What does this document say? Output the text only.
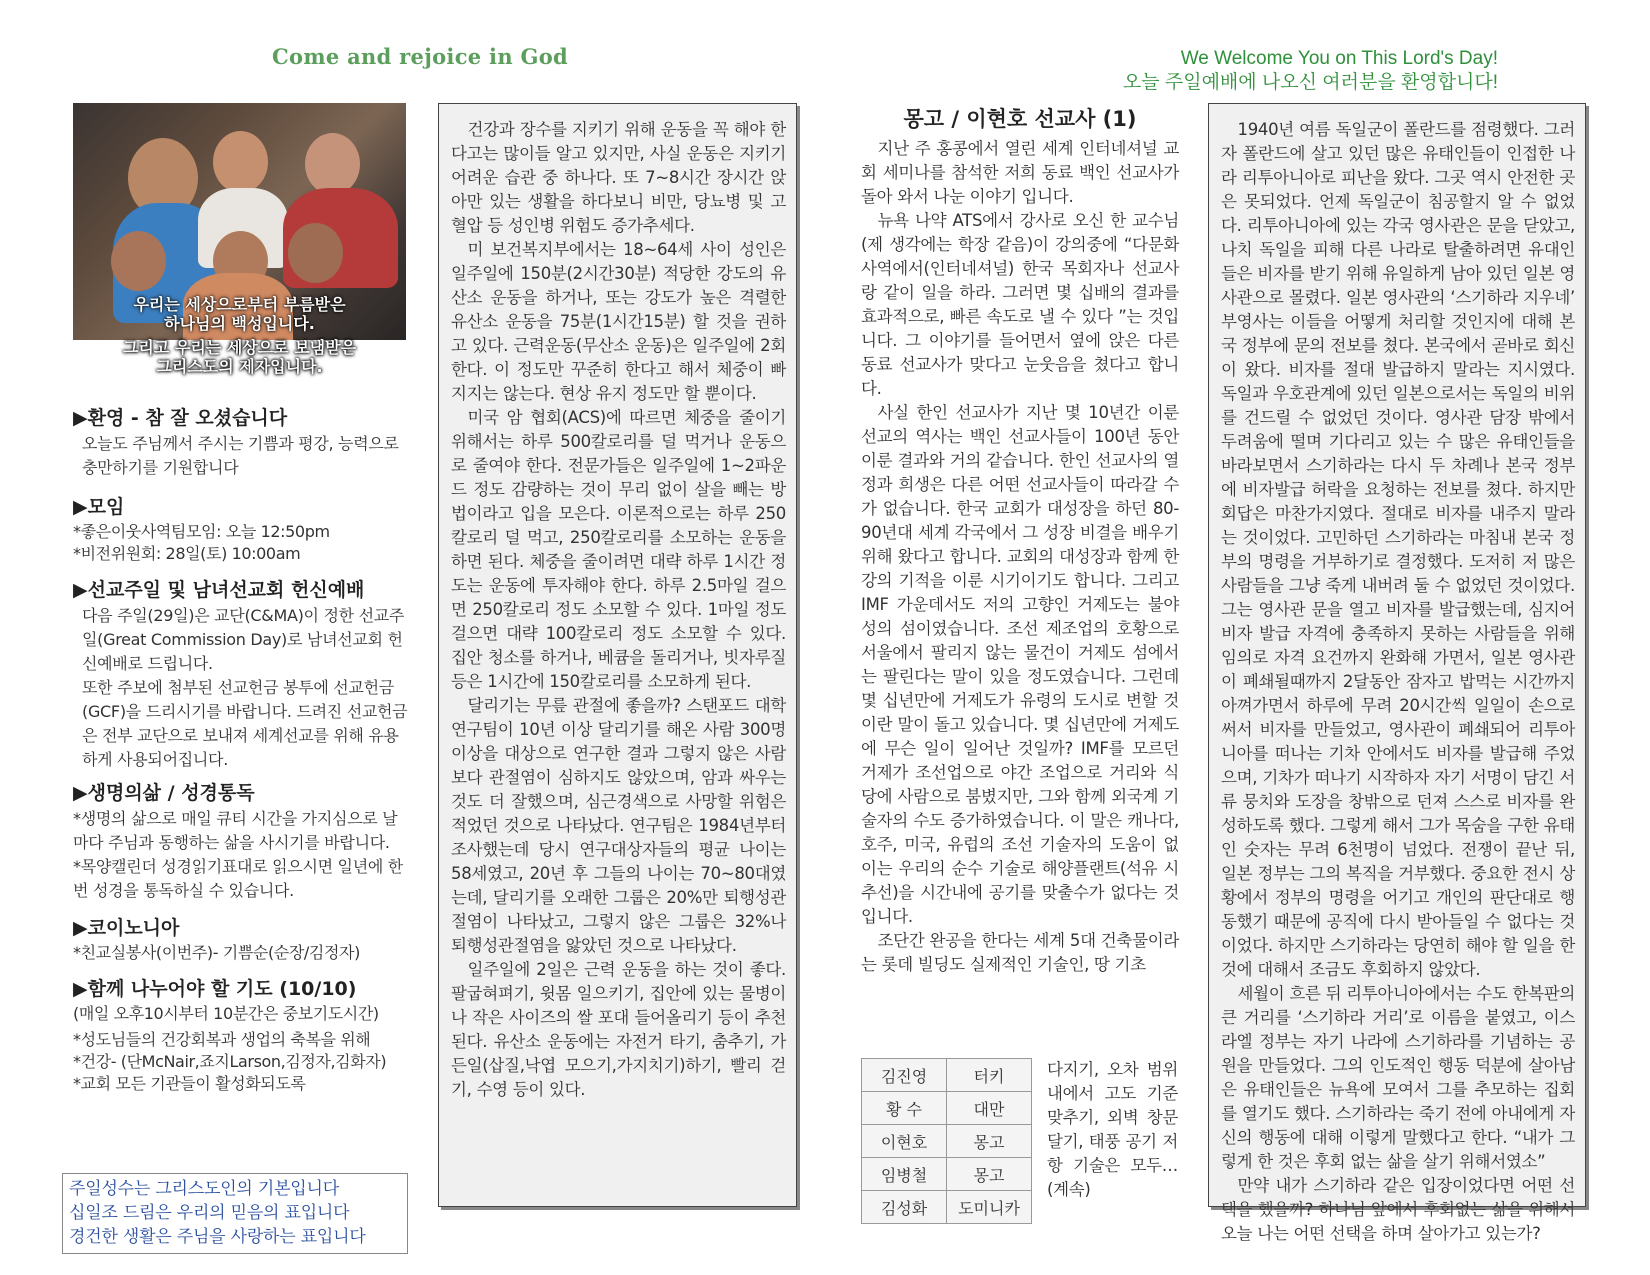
Come and rejoice in God	We Welcome You on This Lord's Day!
오늘 주일예배에 나오신 여러분을 환영합니다!
우리는 세상으로부터 부름받은
하나님의 백성입니다.
그리고 우리는 세상으로 보냄받은
그리스도의 제자입니다.
▶환영 - 참 잘 오셨습니다
오늘도 주님께서 주시는 기쁨과 평강, 능력으로 충만하기를 기원합니다
▶모임
*좋은이웃사역팀모임: 오늘 12:50pm
*비전위원회: 28일(토) 10:00am
▶선교주일 및 남녀선교회 헌신예배
다음 주일(29일)은 교단(C&MA)이 정한 선교주일(Great Commission Day)로 남녀선교회 헌신예배로 드립니다.
또한 주보에 첨부된 선교헌금 봉투에 선교헌금(GCF)을 드리시기를 바랍니다. 드려진 선교헌금은 전부 교단으로 보내져 세계선교를 위해 유용하게 사용되어집니다.
▶생명의삶 / 성경통독
*생명의 삶으로 매일 큐티 시간을 가지심으로 날마다 주님과 동행하는 삶을 사시기를 바랍니다.
*목양캘린더 성경읽기표대로 읽으시면 일년에 한번 성경을 통독하실 수 있습니다.
▶코이노니아
*친교실봉사(이번주)- 기쁨순(순장/김정자)
▶함께 나누어야 할 기도 (10/10)
(매일 오후10시부터 10분간은 중보기도시간)
*성도님들의 건강회복과 생업의 축복을 위해
*건강- (단McNair,죠지Larson,김정자,김화자)
*교회 모든 기관들이 활성화되도록
주일성수는 그리스도인의 기본입니다
십일조 드림은 우리의 믿음의 표입니다
경건한 생활은 주님을 사랑하는 표입니다

건강과 장수를 지키기 위해 운동을 꼭 해야 한다고는 많이들 알고 있지만, 사실 운동은 지키기 어려운 습관 중 하나다. 또 7~8시간 장시간 앉아만 있는 생활을 하다보니 비만, 당뇨병 및 고혈압 등 성인병 위험도 증가추세다.

미 보건복지부에서는 18~64세 사이 성인은 일주일에 150분(2시간30분) 적당한 강도의 유산소 운동을 하거나, 또는 강도가 높은 격렬한 유산소 운동을 75분(1시간15분) 할 것을 권하고 있다. 근력운동(무산소 운동)은 일주일에 2회 한다. 이 정도만 꾸준히 한다고 해서 체중이 빠지지는 않는다. 현상 유지 정도만 할 뿐이다.

미국 암 협회(ACS)에 따르면 체중을 줄이기 위해서는 하루 500칼로리를 덜 먹거나 운동으로 줄여야 한다. 전문가들은 일주일에 1~2파운드 정도 감량하는 것이 무리 없이 살을 빼는 방법이라고 입을 모은다. 이론적으로는 하루 250칼로리 덜 먹고, 250칼로리를 소모하는 운동을 하면 된다. 체중을 줄이려면 대략 하루 1시간 정도는 운동에 투자해야 한다. 하루 2.5마일 걸으면 250칼로리 정도 소모할 수 있다. 1마일 정도 걸으면 대략 100칼로리 정도 소모할 수 있다. 집안 청소를 하거나, 베큠을 돌리거나, 빗자루질 등은 1시간에 150칼로리를 소모하게 된다.

달리기는 무릎 관절에 좋을까? 스탠포드 대학 연구팀이 10년 이상 달리기를 해온 사람 300명 이상을 대상으로 연구한 결과 그렇지 않은 사람보다 관절염이 심하지도 않았으며, 암과 싸우는 것도 더 잘했으며, 심근경색으로 사망할 위험은 적었던 것으로 나타났다. 연구팀은 1984년부터 조사했는데 당시 연구대상자들의 평균 나이는 58세였고, 20년 후 그들의 나이는 70~80대였는데, 달리기를 오래한 그룹은 20%만 퇴행성관절염이 나타났고, 그렇지 않은 그룹은 32%나 퇴행성관절염을 앓았던 것으로 나타났다.

일주일에 2일은 근력 운동을 하는 것이 좋다. 팔굽혀펴기, 윗몸 일으키기, 집안에 있는 물병이나 작은 사이즈의 쌀 포대 들어올리기 등이 추천된다. 유산소 운동에는 자전거 타기, 춤추기, 가든일(삽질,낙엽 모으기,가지치기)하기, 빨리 걷기, 수영 등이 있다.

몽고 / 이현호 선교사 (1)

지난 주 홍콩에서 열린 세계 인터네셔널 교회 세미나를 참석한 저희 동료 백인 선교사가 돌아 와서 나눈 이야기 입니다.

뉴욕 나약 ATS에서 강사로 오신 한 교수님(제 생각에는 학장 같음)이 강의중에 “다문화 사역에서(인터네셔널) 한국 목회자나 선교사랑 같이 일을 하라. 그러면 몇 십배의 결과를 효과적으로, 빠른 속도로 낼 수 있다 ”는 것입니다. 그 이야기를 들어면서 옆에 앉은 다른 동료 선교사가 맞다고 눈웃음을 쳤다고 합니다.

사실 한인 선교사가 지난 몇 10년간 이룬 선교의 역사는 백인 선교사들이 100년 동안 이룬 결과와 거의 같습니다. 한인 선교사의 열정과 희생은 다른 어떤 선교사들이 따라갈 수가 없습니다. 한국 교회가 대성장을 하던 80-90년대 세계 각국에서 그 성장 비결을 배우기 위해 왔다고 합니다. 교회의 대성장과 함께 한강의 기적을 이룬 시기이기도 합니다. 그리고 IMF 가운데서도 저의 고향인 거제도는 불야성의 섬이였습니다. 조선 제조업의 호황으로 서울에서 팔리지 않는 물건이 거제도 섬에서는 팔린다는 말이 있을 정도였습니다. 그런데 몇 십년만에 거제도가 유령의 도시로 변할 것이란 말이 돌고 있습니다. 몇 십년만에 거제도에 무슨 일이 일어난 것일까? IMF를 모르던 거제가 조선업으로 야간 조업으로 거리와 식당에 사람으로 붐볐지만, 그와 함께 외국계 기술자의 수도 증가하였습니다. 이 말은 캐나다, 호주, 미국, 유럽의 조선 기술자의 도움이 없이는 우리의 순수 기술로 해양플랜트(석유 시추선)을 시간내에 공기를 맞출수가 없다는 것입니다.

조단간 완공을 한다는 세계 5대 건축물이라는 롯데 빌딩도 실제적인 기술인, 땅 기초

김진영	터키
황 수	대만
이현호	몽고
임병철	몽고
김성화	도미니카
다지기, 오차 범위내에서 고도 기준 맞추기, 외벽 창문 달기, 태풍 공기 저항 기술은 모두…(계속)

1940년 여름 독일군이 폴란드를 점령했다. 그러자 폴란드에 살고 있던 많은 유태인들이 인접한 나라 리투아니아로 피난을 왔다. 그곳 역시 안전한 곳은 못되었다. 언제 독일군이 침공할지 알 수 없었다. 리투아니아에 있는 각국 영사관은 문을 닫았고, 나치 독일을 피해 다른 나라로 탈출하려면 유대인들은 비자를 받기 위해 유일하게 남아 있던 일본 영사관으로 몰렸다. 일본 영사관의 ‘스기하라 지우네’ 부영사는 이들을 어떻게 처리할 것인지에 대해 본국 정부에 문의 전보를 쳤다. 본국에서 곧바로 회신이 왔다. 비자를 절대 발급하지 말라는 지시였다. 독일과 우호관계에 있던 일본으로서는 독일의 비위를 건드릴 수 없었던 것이다. 영사관 담장 밖에서 두려움에 떨며 기다리고 있는 수 많은 유태인들을 바라보면서 스기하라는 다시 두 차례나 본국 정부에 비자발급 허락을 요청하는 전보를 쳤다. 하지만 회답은 마찬가지였다. 절대로 비자를 내주지 말라는 것이었다. 고민하던 스기하라는 마침내 본국 정부의 명령을 거부하기로 결정했다. 도저히 저 많은 사람들을 그냥 죽게 내버려 둘 수 없었던 것이었다. 그는 영사관 문을 열고 비자를 발급했는데, 심지어 비자 발급 자격에 충족하지 못하는 사람들을 위해 임의로 자격 요건까지 완화해 가면서, 일본 영사관이 폐쇄될때까지 2달동안 잠자고 밥먹는 시간까지 아껴가면서 하루에 무려 20시간씩 일일이 손으로 써서 비자를 만들었고, 영사관이 폐쇄되어 리투아니아를 떠나는 기차 안에서도 비자를 발급해 주었으며, 기차가 떠나기 시작하자 자기 서명이 담긴 서류 뭉치와 도장을 창밖으로 던져 스스로 비자를 완성하도록 했다. 그렇게 해서 그가 목숨을 구한 유태인 숫자는 무려 6천명이 넘었다. 전쟁이 끝난 뒤, 일본 정부는 그의 복직을 거부했다. 중요한 전시 상황에서 정부의 명령을 어기고 개인의 판단대로 행동했기 때문에 공직에 다시 받아들일 수 없다는 것이었다. 하지만 스기하라는 당연히 해야 할 일을 한 것에 대해서 조금도 후회하지 않았다.

세월이 흐른 뒤 리투아니아에서는 수도 한복판의 큰 거리를 ‘스기하라 거리’로 이름을 붙였고, 이스라엘 정부는 자기 나라에 스기하라를 기념하는 공원을 만들었다. 그의 인도적인 행동 덕분에 살아남은 유태인들은 뉴욕에 모여서 그를 추모하는 집회를 열기도 했다. 스기하라는 죽기 전에 아내에게 자신의 행동에 대해 이렇게 말했다고 한다. “내가 그렇게 한 것은 후회 없는 삶을 살기 위해서였소”

만약 내가 스기하라 같은 입장이었다면 어떤 선택을 했을까? 하나님 앞에서 후회없는 삶을 위해서 오늘 나는 어떤 선택을 하며 살아가고 있는가?
